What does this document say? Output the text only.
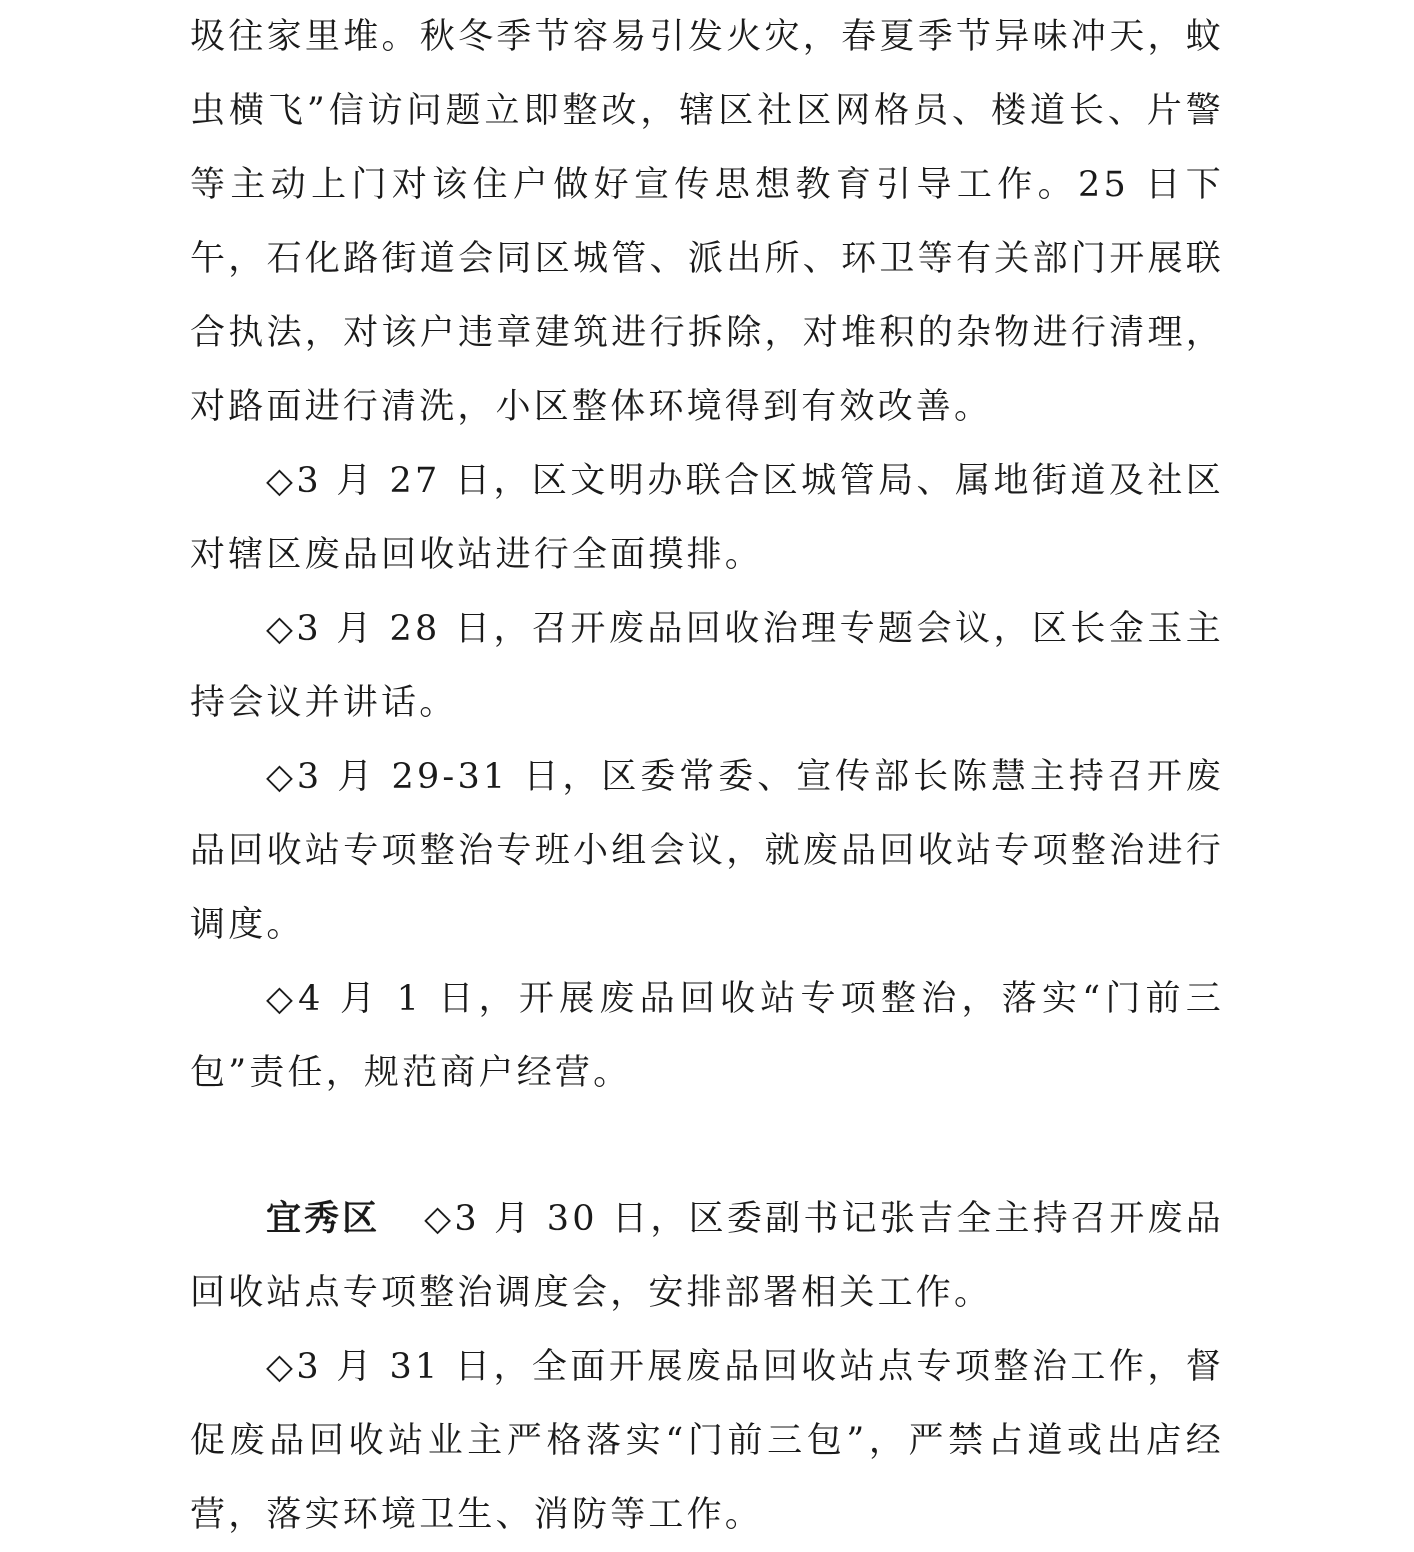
圾往家里堆。秋冬季节容易引发火灾，春夏季节异味冲天，蚊虫横飞”信访问题立即整改，辖区社区网格员、楼道长、片警等主动上门对该住户做好宣传思想教育引导工作。25 日下午，石化路街道会同区城管、派出所、环卫等有关部门开展联合执法，对该户违章建筑进行拆除，对堆积的杂物进行清理，对路面进行清洗，小区整体环境得到有效改善。

◇3 月 27 日，区文明办联合区城管局、属地街道及社区对辖区废品回收站进行全面摸排。

◇3 月 28 日，召开废品回收治理专题会议，区长金玉主持会议并讲话。

◇3 月 29-31 日，区委常委、宣传部长陈慧主持召开废品回收站专项整治专班小组会议，就废品回收站专项整治进行调度。

◇4 月 1 日，开展废品回收站专项整治，落实“门前三包”责任，规范商户经营。

宜秀区 ◇3 月 30 日，区委副书记张吉全主持召开废品回收站点专项整治调度会，安排部署相关工作。

◇3 月 31 日，全面开展废品回收站点专项整治工作，督促废品回收站业主严格落实“门前三包”，严禁占道或出店经营，落实环境卫生、消防等工作。
